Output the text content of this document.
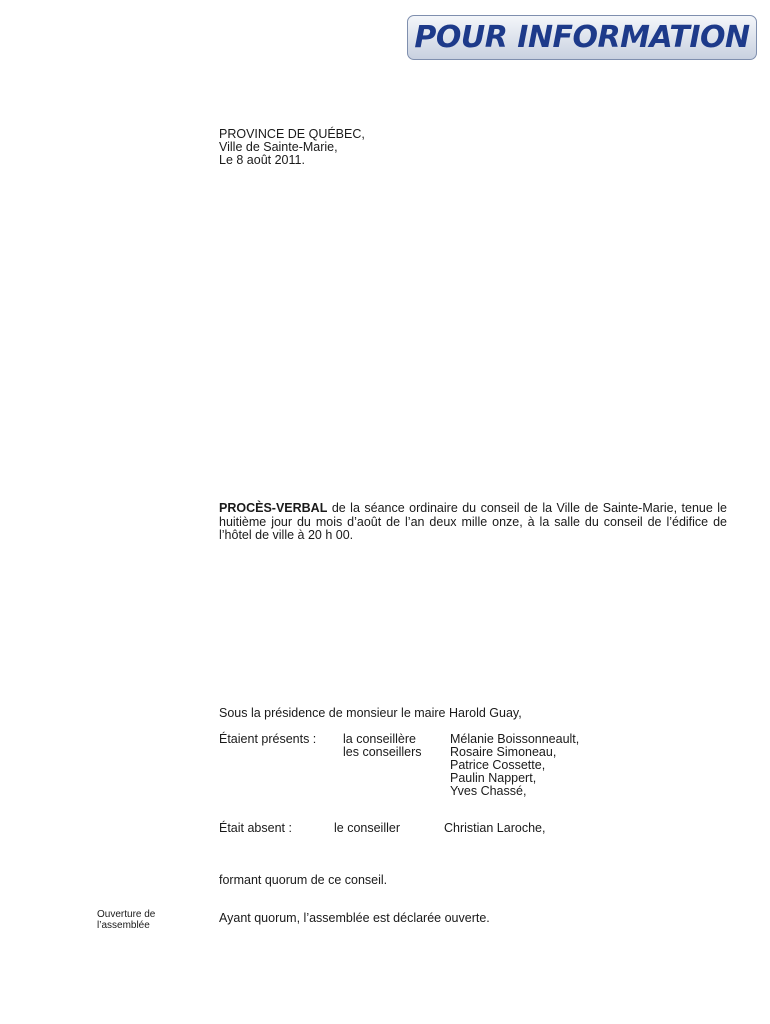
POUR INFORMATION
PROVINCE DE QUÉBEC,
Ville de Sainte-Marie,
Le 8 août 2011.
PROCÈS-VERBAL de la séance ordinaire du conseil de la Ville de Sainte-Marie, tenue le huitième jour du mois d’août de l’an deux mille onze, à la salle du conseil de l’édifice de l’hôtel de ville à 20 h 00.
Sous la présidence de monsieur le maire Harold Guay,
Étaient présents : la conseillère
les conseillers
Mélanie Boissonneault,
Rosaire Simoneau,
Patrice Cossette,
Paulin Nappert,
Yves Chassé,
Était absent :	le conseiller	Christian Laroche,
formant quorum de ce conseil.
Ouverture de
l’assemblée
Ayant quorum, l’assemblée est déclarée ouverte.
